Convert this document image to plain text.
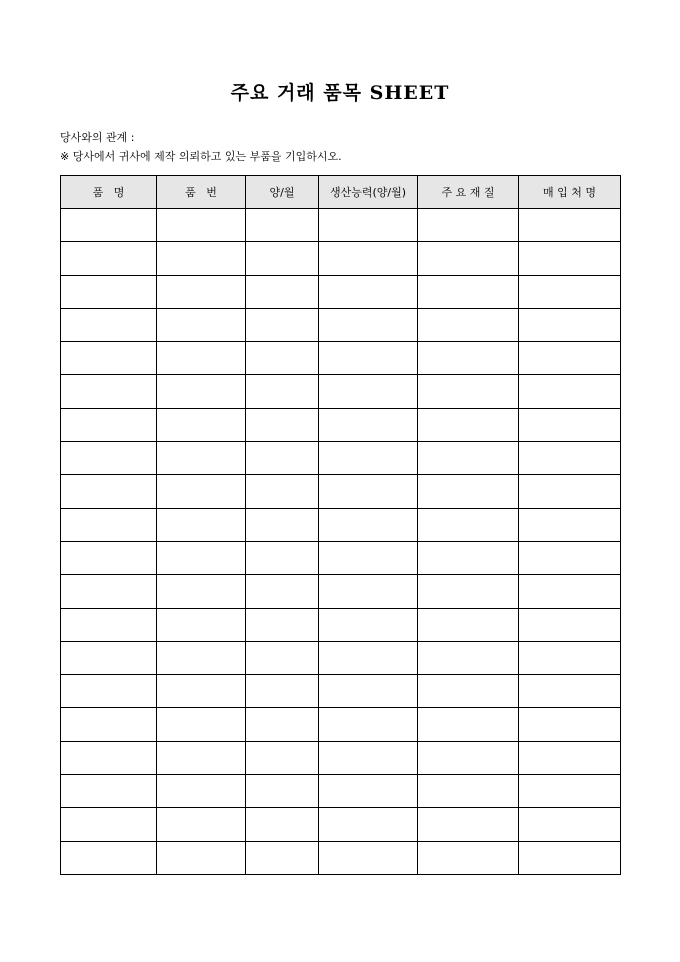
주요 거래 품목 SHEET
당사와의 관계 :
※ 당사에서 귀사에 제작 의뢰하고 있는 부품을 기입하시오.
품   명	품   번	양/월	생산능력(양/월)	주 요 재 질	매 입 처 명
